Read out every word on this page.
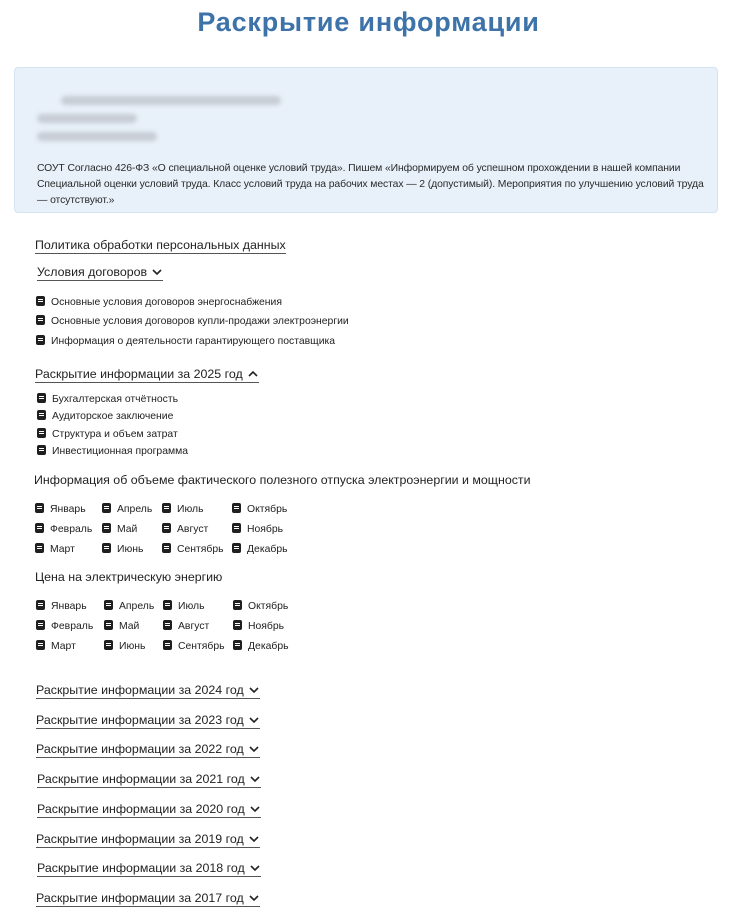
Раскрытие информации
СОУТ Согласно 426-ФЗ «О специальной оценке условий труда». Пишем «Информируем об успешном прохождении в нашей компании Специальной оценки условий труда. Класс условий труда на рабочих местах — 2 (допустимый). Мероприятия по улучшению условий труда — отсутствуют.»
Политика обработки персональных данных
Условия договоров
Основные условия договоров энергоснабжения
Основные условия договоров купли-продажи электроэнергии
Информация о деятельности гарантирующего поставщика
Раскрытие информации за 2025 год
Бухгалтерская отчётность
Аудиторское заключение
Структура и объем затрат
Инвестиционная программа
Информация об объеме фактического полезного отпуска электроэнергии и мощности
Январь	Апрель	Июль	Октябрь
Февраль	Май	Август	Ноябрь
Март	Июнь	Сентябрь	Декабрь
Цена на электрическую энергию
Январь	Апрель	Июль	Октябрь
Февраль	Май	Август	Ноябрь
Март	Июнь	Сентябрь	Декабрь
Раскрытие информации за 2024 год
Раскрытие информации за 2023 год
Раскрытие информации за 2022 год
Раскрытие информации за 2021 год
Раскрытие информации за 2020 год
Раскрытие информации за 2019 год
Раскрытие информации за 2018 год
Раскрытие информации за 2017 год
